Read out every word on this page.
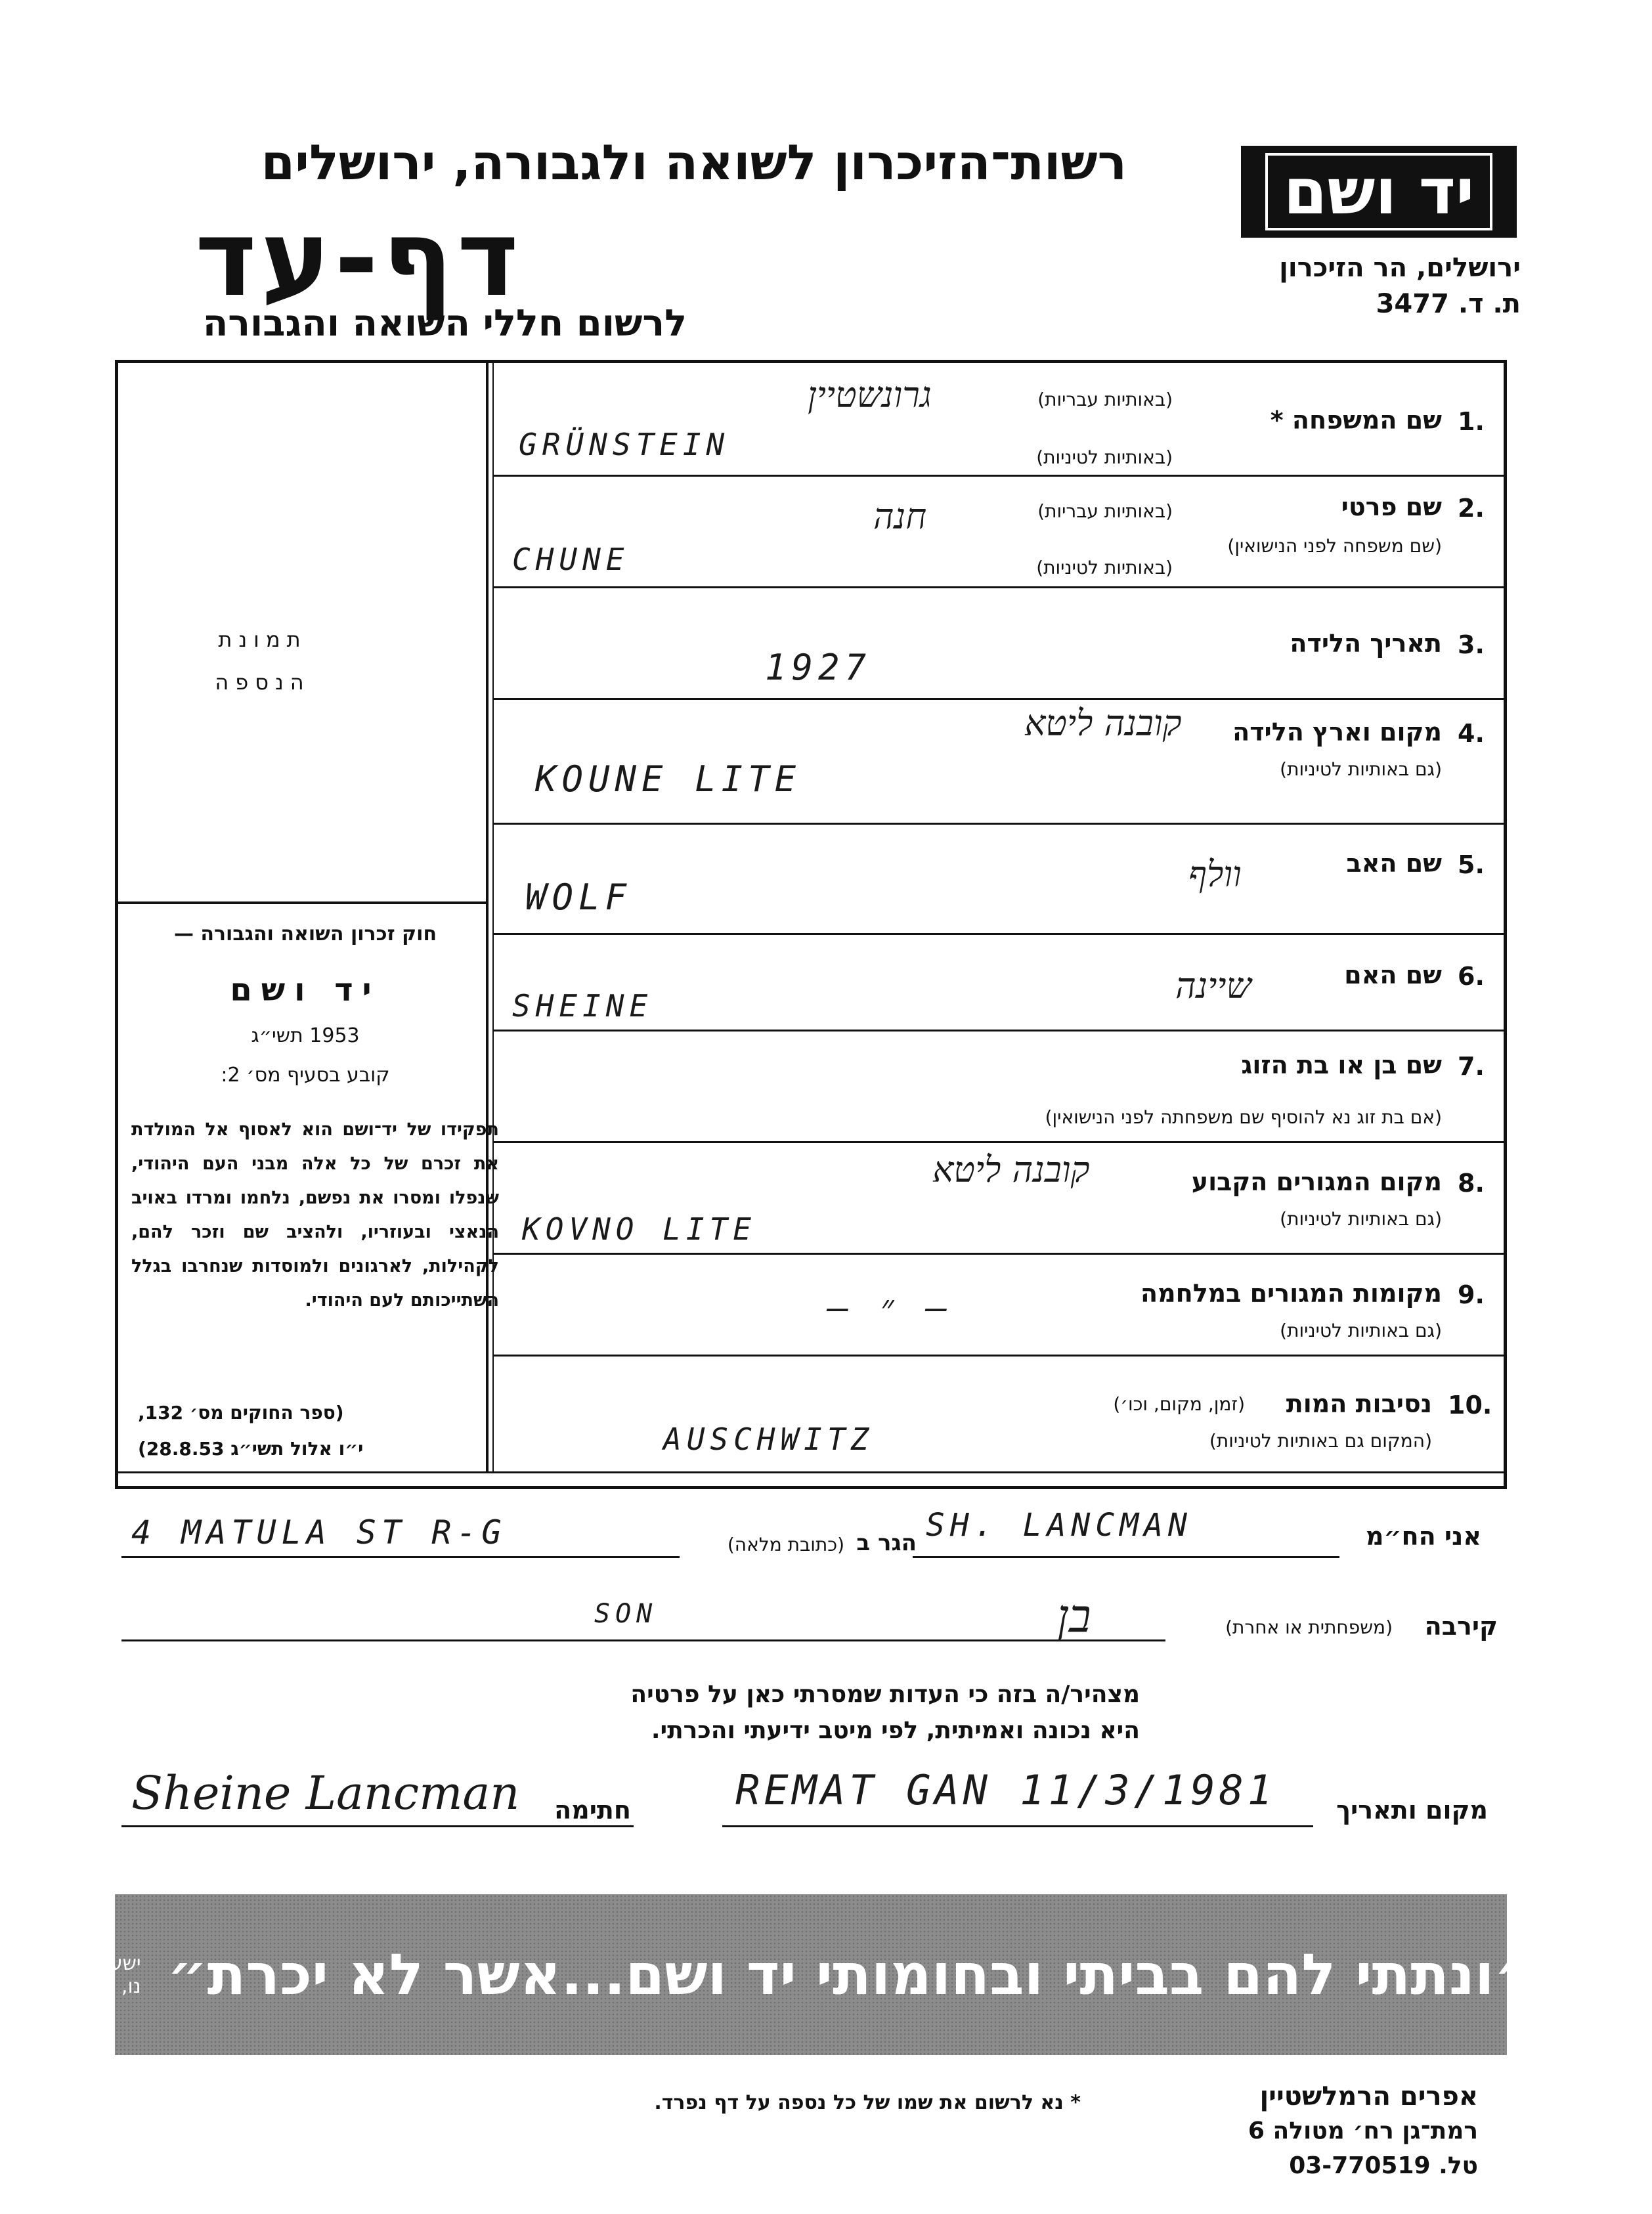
רשות־הזיכרון לשואה ולגבורה, ירושלים
דף-עד
לרשום חללי השואה והגבורה
יד ושם
ירושלים, הר הזיכרון
ת. ד. 3477
תמונת
הנספה
חוק זכרון השואה והגבורה —
יד ושם
תשי״ג 1953
קובע בסעיף מס׳ 2:
תפקידו של יד־ושם הוא לאסוף אל המולדת את זכרם של כל אלה מבני העם היהודי, שנפלו ומסרו את נפשם, נלחמו ומרדו באויב הנאצי ובעוזריו, ולהציב שם וזכר להם, לקהילות, לארגונים ולמוסדות שנחרבו בגלל השתייכותם לעם היהודי.
(ספר החוקים מס׳ 132,
י״ו אלול תשי״ג 28.8.53)
1.
שם המשפחה *
(באותיות עבריות)
(באותיות לטיניות)
גרונשטיין
GRÜNSTEIN
2.
שם פרטי
(שם משפחה לפני הנישואין)
(באותיות עבריות)
(באותיות לטיניות)
חנה
CHUNE
3.
תאריך הלידה
1927
4.
מקום וארץ הלידה
(גם באותיות לטיניות)
קובנה ליטא
KOUNE LITE
5.
שם האב
וולף
WOLF
6.
שם האם
שיינה
SHEINE
7.
שם בן או בת הזוג
(אם בת זוג נא להוסיף שם משפחתה לפני הנישואין)
8.
מקום המגורים הקבוע
(גם באותיות לטיניות)
קובנה ליטא
KOVNO LITE
9.
מקומות המגורים במלחמה
(גם באותיות לטיניות)
— ״ —
10.
נסיבות המות
(זמן, מקום, וכו׳)
(המקום גם באותיות לטיניות)
AUSCHWITZ
אני הח״מ
SH. LANCMAN
הגר ב
(כתובת מלאה)
4 MATULA ST R-G
קירבה
(משפחתית או אחרת)
SON	בן
מצהיר/ה בזה כי העדות שמסרתי כאן על פרטיה
היא נכונה ואמיתית, לפי מיטב ידיעתי והכרתי.
מקום ותאריך
REMAT GAN 11/3/1981
חתימה
Sheine Lancman
ישעיהו נו, ה ״ונתתי להם בביתי ובחומותי יד ושם...אשר לא יכרת״
* נא לרשום את שמו של כל נספה על דף נפרד.	אפרים הרמלשטיין
רמת־גן רח׳ מטולה 6
טל. 03-770519
